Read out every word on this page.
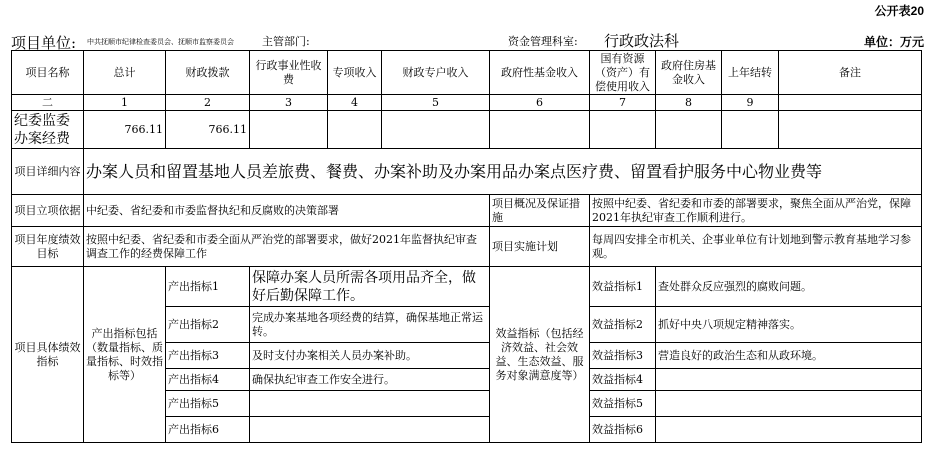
公开表20
项目单位: 中共抚顺市纪律检查委员会、抚顺市监察委员会	主管部门:	资金管理科室: 行政政法科	单位：万元
项目名称	总计	财政拨款	行政事业性收费	专项收入	财政专户收入	政府性基金收入	国有资源（资产）有偿使用收入	政府住房基金收入	上年结转	备注
二	1	2	3	4	5	6	7	8	9	
纪委监委办案经费	766.11	766.11								
项目详细内容	办案人员和留置基地人员差旅费、餐费、办案补助及办案用品办案点医疗费、留置看护服务中心物业费等									
项目立项依据	中纪委、省纪委和市委监督执纪和反腐败的决策部署					项目概况及保证措施	按照中纪委、省纪委和市委的部署要求，聚焦全面从严治党，保障2021年执纪审查工作顺利进行。			
项目年度绩效目标	按照中纪委、省纪委和市委全面从严治党的部署要求，做好2021年监督执纪审查调查工作的经费保障工作					项目实施计划	每周四安排全市机关、企事业单位有计划地到警示教育基地学习参观。			
项目具体绩效指标	产出指标包括（数量指标、质量指标、时效指标等）	产出指标1	保障办案人员所需各项用品齐全，做好后勤保障工作。			效益指标（包括经济效益、社会效益、生态效益、服务对象满意度等）	效益指标1	查处群众反应强烈的腐败问题。		
		产出指标2	完成办案基地各项经费的结算，确保基地正常运转。				效益指标2	抓好中央八项规定精神落实。		
		产出指标3	及时支付办案相关人员办案补助。				效益指标3	营造良好的政治生态和从政环境。		
		产出指标4	确保执纪审查工作安全进行。				效益指标4			
		产出指标5					效益指标5			
		产出指标6					效益指标6			
